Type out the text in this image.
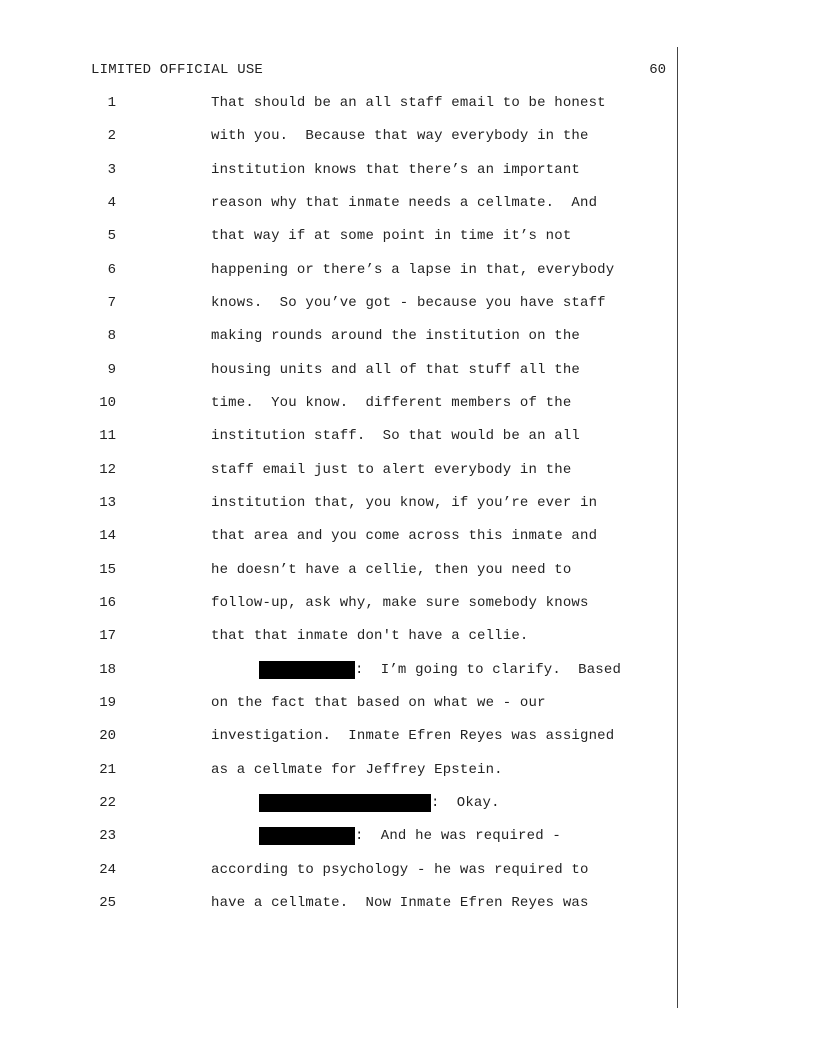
LIMITED OFFICIAL USE	60
1	That should be an all staff email to be honest
2	with you.  Because that way everybody in the
3	institution knows that there’s an important
4	reason why that inmate needs a cellmate.  And
5	that way if at some point in time it’s not
6	happening or there’s a lapse in that, everybody
7	knows.  So you’ve got - because you have staff
8	making rounds around the institution on the
9	housing units and all of that stuff all the
10	time.  You know.  different members of the
11	institution staff.  So that would be an all
12	staff email just to alert everybody in the
13	institution that, you know, if you’re ever in
14	that area and you come across this inmate and
15	he doesn’t have a cellie, then you need to
16	follow-up, ask why, make sure somebody knows
17	that that inmate don't have a cellie.
18	:  I’m going to clarify.  Based
19	on the fact that based on what we - our
20	investigation.  Inmate Efren Reyes was assigned
21	as a cellmate for Jeffrey Epstein.
22	:  Okay.
23	:  And he was required -
24	according to psychology - he was required to
25	have a cellmate.  Now Inmate Efren Reyes was
